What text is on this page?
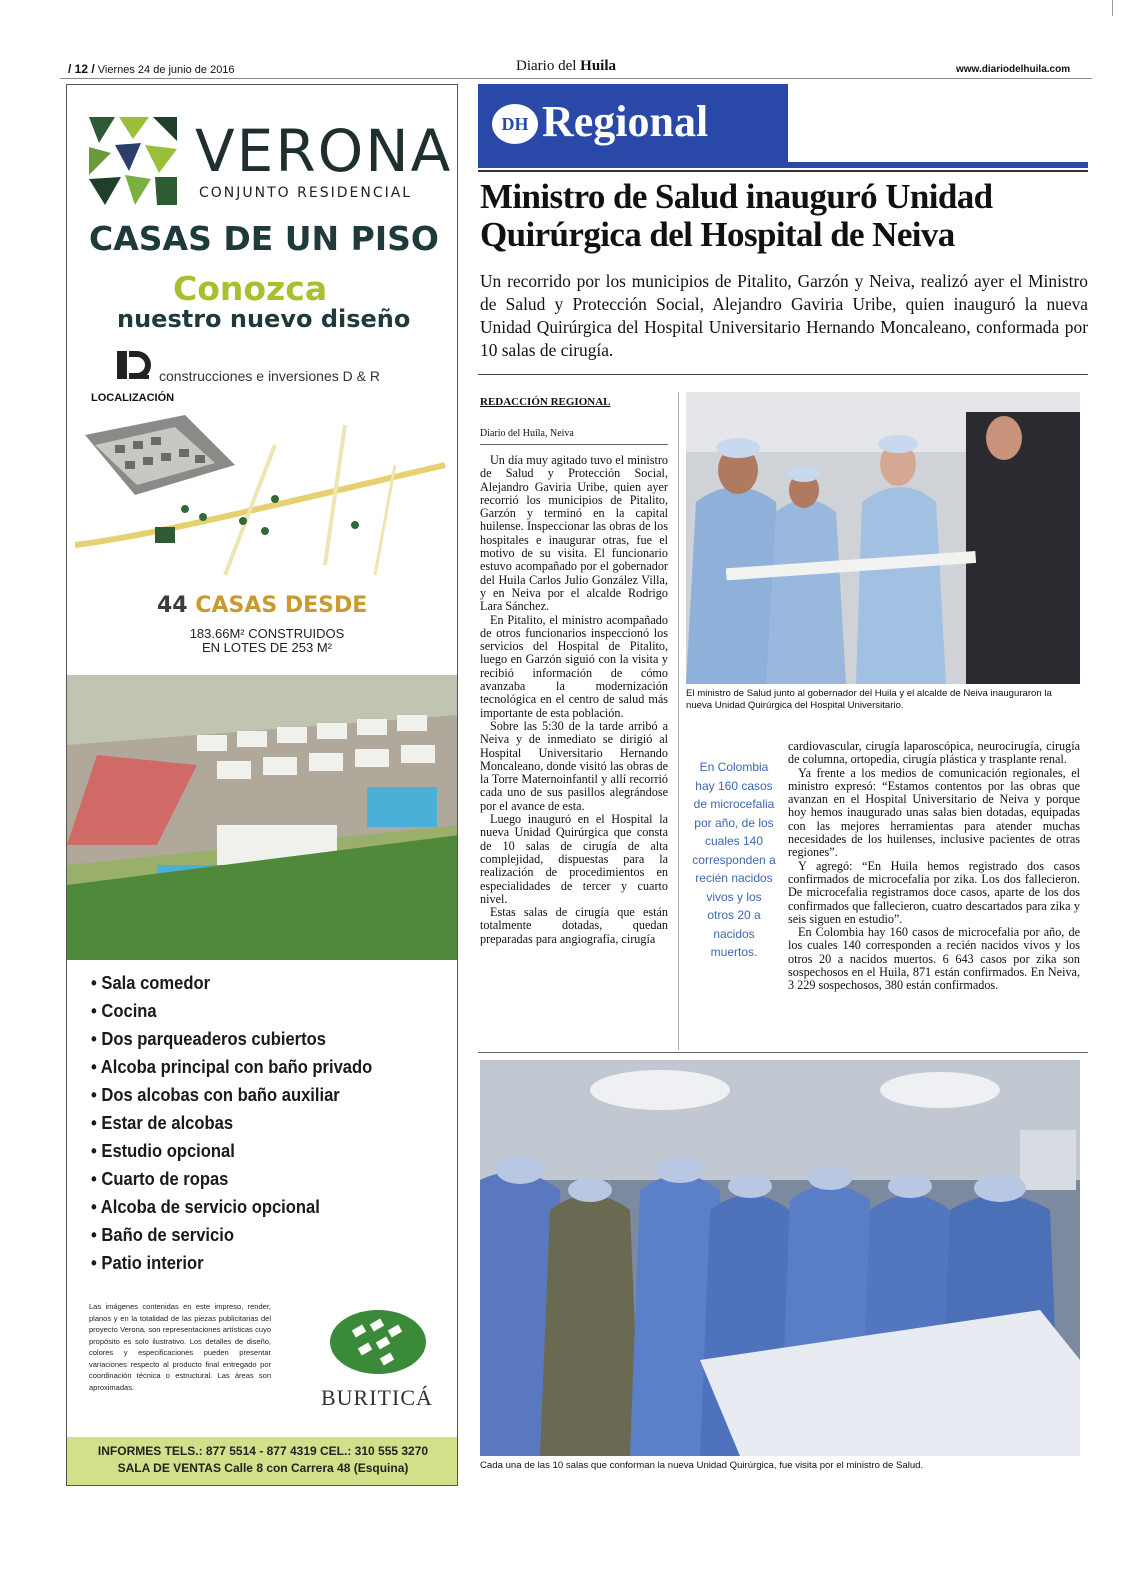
/ 12 / Viernes 24 de junio de 2016	Diario del Huila	www.diariodelhuila.com
VERONA
CONJUNTO RESIDENCIAL
CASAS DE UN PISO
Conozca
nuestro nuevo diseño
construcciones e inversiones D & R
LOCALIZACIÓN
44 CASAS DESDE
183.66M² CONSTRUIDOS
EN LOTES DE 253 M²
• Sala comedor
• Cocina
• Dos parqueaderos cubiertos
• Alcoba principal con baño privado
• Dos alcobas con baño auxiliar
• Estar de alcobas
• Estudio opcional
• Cuarto de ropas
• Alcoba de servicio opcional
• Baño de servicio
• Patio interior
Las imágenes contenidas en este impreso, render, planos y en la totalidad de las piezas publicitarias del proyecto Verona, son representaciones artísticas cuyo propósito es solo ilustrativo. Los detalles de diseño, colores y especificaciones pueden presentar variaciones respecto al producto final entregado por coordinación técnica o estructural. Las áreas son aproximadas.	BURITICÁ
INFORMES TELS.: 877 5514 - 877 4319 CEL.: 310 555 3270
SALA DE VENTAS Calle 8 con Carrera 48 (Esquina)
DH Regional
Ministro de Salud inauguró Unidad Quirúrgica del Hospital de Neiva

Un recorrido por los municipios de Pitalito, Garzón y Neiva, realizó ayer el Ministro de Salud y Protección Social, Alejandro Gaviria Uribe, quien inauguró la nueva Unidad Quirúrgica del Hospital Universitario Hernando Moncaleano, conformada por 10 salas de cirugía.

REDACCIÓN REGIONAL
Diario del Huila, Neiva

Un día muy agitado tuvo el ministro de Salud y Protección Social, Alejandro Gaviria Uribe, quien ayer recorrió los municipios de Pitalito, Garzón y terminó en la capital huilense. Inspeccionar las obras de los hospitales e inaugurar otras, fue el motivo de su visita. El funcionario estuvo acompañado por el gobernador del Huila Carlos Julio González Villa, y en Neiva por el alcalde Rodrigo Lara Sánchez.

En Pitalito, el ministro acompañado de otros funcionarios inspeccionó los servicios del Hospital de Pitalito, luego en Garzón siguió con la visita y recibió información de cómo avanzaba la modernización tecnológica en el centro de salud más importante de esta población.

Sobre las 5:30 de la tarde arribó a Neiva y de inmediato se dirigió al Hospital Universitario Hernando Moncaleano, donde visitó las obras de la Torre Maternoinfantil y allí recorrió cada uno de sus pasillos alegrándose por el avance de esta.

Luego inauguró en el Hospital la nueva Unidad Quirúrgica que consta de 10 salas de cirugía de alta complejidad, dispuestas para la realización de procedimientos en especialidades de tercer y cuarto nivel.

Estas salas de cirugía que están totalmente dotadas, quedan preparadas para angiografía, cirugía

El ministro de Salud junto al gobernador del Huila y el alcalde de Neiva inauguraron la nueva Unidad Quirúrgica del Hospital Universitario.
En Colombia hay 160 casos de microcefalia por año, de los cuales 140 corresponden a recién nacidos vivos y los otros 20 a nacidos muertos.

cardiovascular, cirugía laparoscópica, neurocirugía, cirugía de columna, ortopedia, cirugía plástica y trasplante renal.

Ya frente a los medios de comunicación regionales, el ministro expresó: “Estamos contentos por las obras que avanzan en el Hospital Universitario de Neiva y porque hoy hemos inaugurado unas salas bien dotadas, equipadas con las mejores herramientas para atender muchas necesidades de los huilenses, inclusive pacientes de otras regiones”.

Y agregó: “En Huila hemos registrado dos casos confirmados de microcefalia por zika. Los dos fallecieron. De microcefalia registramos doce casos, aparte de los dos confirmados que fallecieron, cuatro descartados para zika y seis siguen en estudio”.

En Colombia hay 160 casos de microcefalia por año, de los cuales 140 corresponden a recién nacidos vivos y los otros 20 a nacidos muertos. 6 643 casos por zika son sospechosos en el Huila, 871 están confirmados. En Neiva, 3 229 sospechosos, 380 están confirmados.

Cada una de las 10 salas que conforman la nueva Unidad Quirúrgica, fue visita por el ministro de Salud.
